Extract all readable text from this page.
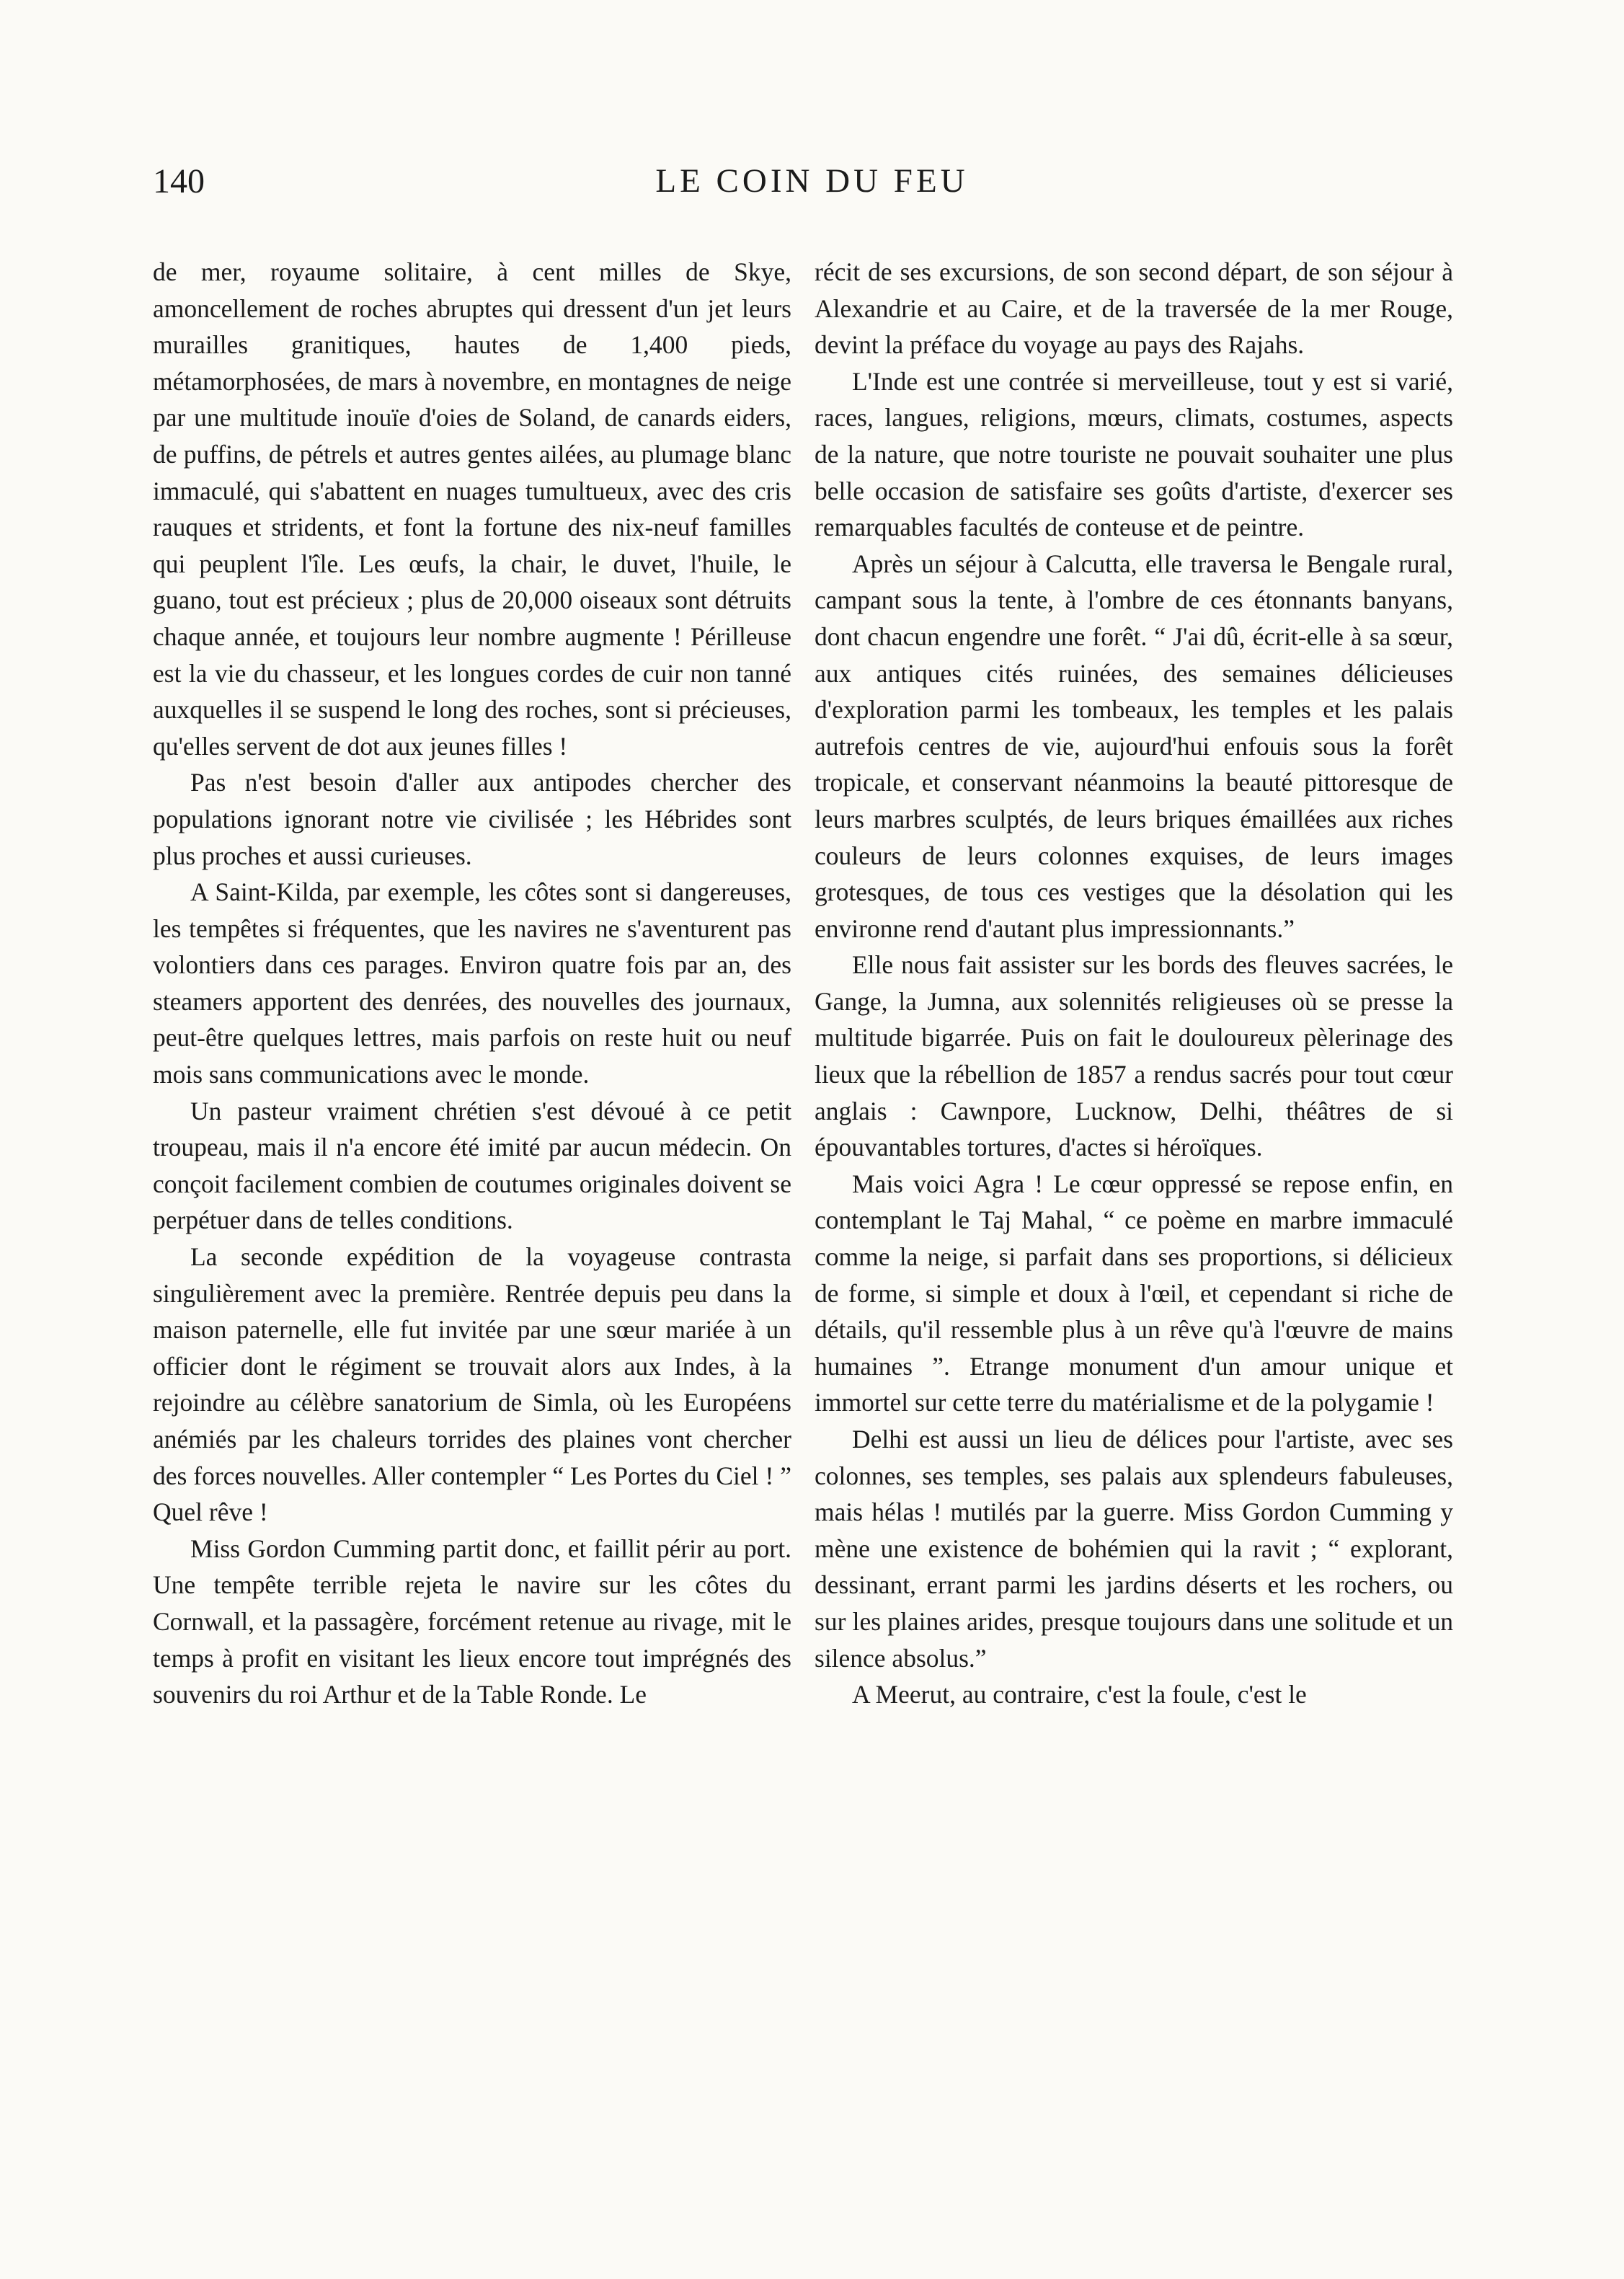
140	LE COIN DU FEU

de mer, royaume solitaire, à cent milles de Skye, amoncellement de roches abruptes qui dressent d'un jet leurs murailles granitiques, hautes de 1,400 pieds, métamorphosées, de mars à novembre, en montagnes de neige par une multitude inouïe d'oies de Soland, de canards eiders, de puffins, de pétrels et autres gentes ailées, au plumage blanc immaculé, qui s'abattent en nuages tumultueux, avec des cris rauques et stridents, et font la fortune des nix-neuf familles qui peuplent l'île. Les œufs, la chair, le duvet, l'huile, le guano, tout est précieux ; plus de 20,000 oiseaux sont détruits chaque année, et toujours leur nombre augmente ! Périlleuse est la vie du chasseur, et les longues cordes de cuir non tanné auxquelles il se suspend le long des roches, sont si précieuses, qu'elles servent de dot aux jeunes filles !

Pas n'est besoin d'aller aux antipodes chercher des populations ignorant notre vie civilisée ; les Hébrides sont plus proches et aussi curieuses.

A Saint-Kilda, par exemple, les côtes sont si dangereuses, les tempêtes si fréquentes, que les navires ne s'aventurent pas volontiers dans ces parages. Environ quatre fois par an, des steamers apportent des denrées, des nouvelles des journaux, peut-être quelques lettres, mais parfois on reste huit ou neuf mois sans communications avec le monde.

Un pasteur vraiment chrétien s'est dévoué à ce petit troupeau, mais il n'a encore été imité par aucun médecin. On conçoit facilement combien de coutumes originales doivent se perpétuer dans de telles conditions.

La seconde expédition de la voyageuse contrasta singulièrement avec la première. Rentrée depuis peu dans la maison paternelle, elle fut invitée par une sœur mariée à un officier dont le régiment se trouvait alors aux Indes, à la rejoindre au célèbre sanatorium de Simla, où les Européens anémiés par les chaleurs torrides des plaines vont chercher des forces nouvelles. Aller contempler “ Les Portes du Ciel ! ” Quel rêve !

Miss Gordon Cumming partit donc, et faillit périr au port. Une tempête terrible rejeta le navire sur les côtes du Cornwall, et la passagère, forcément retenue au rivage, mit le temps à profit en visitant les lieux encore tout imprégnés des souvenirs du roi Arthur et de la Table Ronde. Le

récit de ses excursions, de son second départ, de son séjour à Alexandrie et au Caire, et de la traversée de la mer Rouge, devint la préface du voyage au pays des Rajahs.

L'Inde est une contrée si merveilleuse, tout y est si varié, races, langues, religions, mœurs, climats, costumes, aspects de la nature, que notre touriste ne pouvait souhaiter une plus belle occasion de satisfaire ses goûts d'artiste, d'exercer ses remarquables facultés de conteuse et de peintre.

Après un séjour à Calcutta, elle traversa le Bengale rural, campant sous la tente, à l'ombre de ces étonnants banyans, dont chacun engendre une forêt. “ J'ai dû, écrit-elle à sa sœur, aux antiques cités ruinées, des semaines délicieuses d'exploration parmi les tombeaux, les temples et les palais autrefois centres de vie, aujourd'hui enfouis sous la forêt tropicale, et conservant néanmoins la beauté pittoresque de leurs marbres sculptés, de leurs briques émaillées aux riches couleurs de leurs colonnes exquises, de leurs images grotesques, de tous ces vestiges que la désolation qui les environne rend d'autant plus impressionnants.”

Elle nous fait assister sur les bords des fleuves sacrées, le Gange, la Jumna, aux solennités religieuses où se presse la multitude bigarrée. Puis on fait le douloureux pèlerinage des lieux que la rébellion de 1857 a rendus sacrés pour tout cœur anglais : Cawnpore, Lucknow, Delhi, théâtres de si épouvantables tortures, d'actes si héroïques.

Mais voici Agra ! Le cœur oppressé se repose enfin, en contemplant le Taj Mahal, “ ce poème en marbre immaculé comme la neige, si parfait dans ses proportions, si délicieux de forme, si simple et doux à l'œil, et cependant si riche de détails, qu'il ressemble plus à un rêve qu'à l'œuvre de mains humaines ”. Etrange monument d'un amour unique et immortel sur cette terre du matérialisme et de la polygamie !

Delhi est aussi un lieu de délices pour l'artiste, avec ses colonnes, ses temples, ses palais aux splendeurs fabuleuses, mais hélas ! mutilés par la guerre. Miss Gordon Cumming y mène une existence de bohémien qui la ravit ; “ explorant, dessinant, errant parmi les jardins déserts et les rochers, ou sur les plaines arides, presque toujours dans une solitude et un silence absolus.”

A Meerut, au contraire, c'est la foule, c'est le
